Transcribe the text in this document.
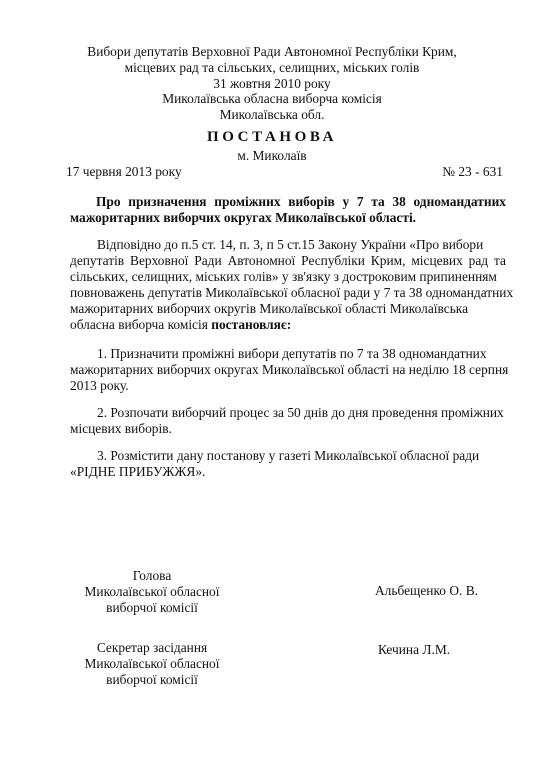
Вибори депутатів Верховної Ради Автономної Республіки Крим,
місцевих рад та сільських, селищних, міських голів
31 жовтня 2010 року
Миколаївська обласна виборча комісія
Миколаївська обл.
ПОСТАНОВА
м. Миколаїв
17 червня 2013 року	№ 23 - 631
Про призначення проміжних виборів у 7 та 38 одномандатних
мажоритарних виборчих округах Миколаївської області.
Відповідно до п.5 ст. 14, п. 3, п 5 ст.15 Закону України «Про вибори
депутатів Верховної Ради Автономної Республіки Крим, місцевих рад та
сільських, селищних, міських голів» у зв'язку з достроковим припиненням
повноважень депутатів Миколаївської обласної ради у 7 та 38 одномандатних
мажоритарних виборчих округів Миколаївської області Миколаївська
обласна виборча комісія постановляє:
1. Призначити проміжні вибори депутатів по 7 та 38 одномандатних
мажоритарних виборчих округах Миколаївської області на неділю 18 серпня
2013 року.
2. Розпочати виборчий процес за 50 днів до дня проведення проміжних
місцевих виборів.
3. Розмістити дану постанову у газеті Миколаївської обласної ради
«РІДНЕ ПРИБУЖЖЯ».
Голова
Миколаївської обласної
виборчої комісії
Альбещенко О. В.
Секретар засідання
Миколаївської обласної
виборчої комісії
Кечина Л.М.
